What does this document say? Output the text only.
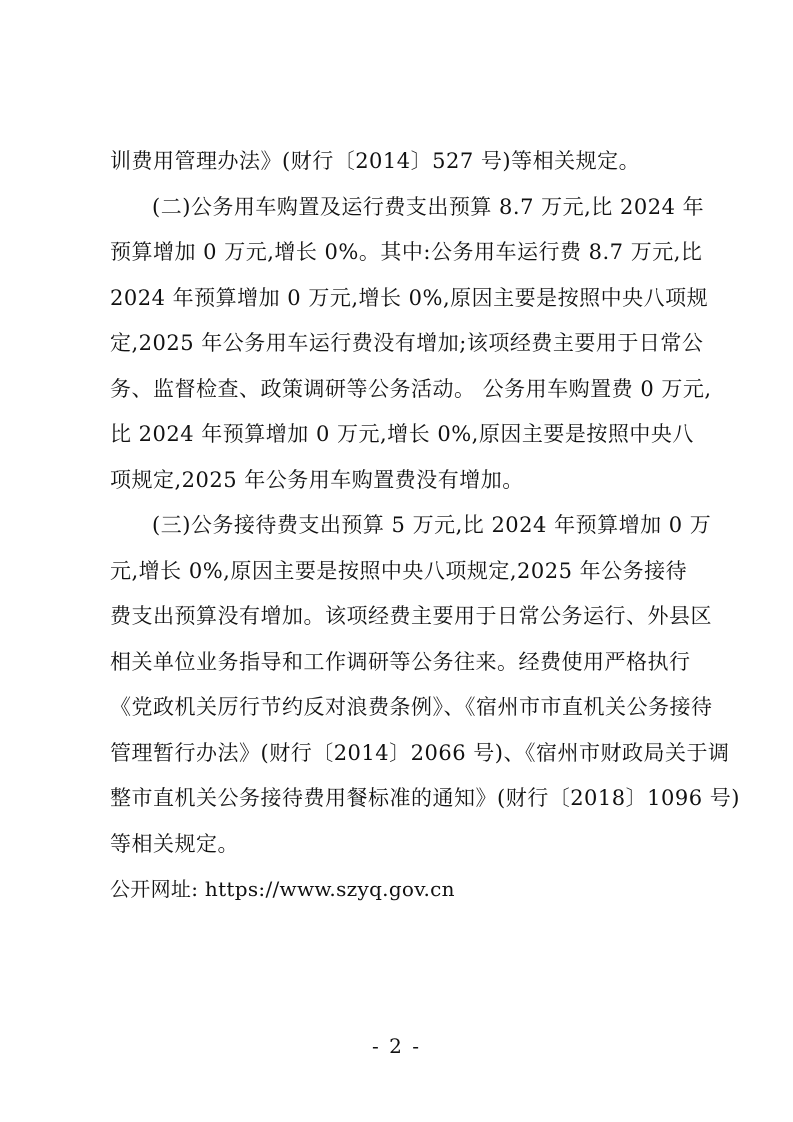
训费用管理办法》(财行〔2014〕527 号)等相关规定。
(二)公务用车购置及运行费支出预算 8.7 万元,比 2024 年
预算增加 0 万元,增长 0%。其中:公务用车运行费 8.7 万元,比
2024 年预算增加 0 万元,增长 0%,原因主要是按照中央八项规
定,2025 年公务用车运行费没有增加;该项经费主要用于日常公
务、监督检查、政策调研等公务活动。 公务用车购置费 0 万元,
比 2024 年预算增加 0 万元,增长 0%,原因主要是按照中央八
项规定,2025 年公务用车购置费没有增加。
(三)公务接待费支出预算 5 万元,比 2024 年预算增加 0 万
元,增长 0%,原因主要是按照中央八项规定,2025 年公务接待
费支出预算没有增加。该项经费主要用于日常公务运行、外县区
相关单位业务指导和工作调研等公务往来。经费使用严格执行
《党政机关厉行节约反对浪费条例》、《宿州市市直机关公务接待
管理暂行办法》(财行〔2014〕2066 号)、《宿州市财政局关于调
整市直机关公务接待费用餐标准的通知》(财行〔2018〕1096 号)
等相关规定。
公开网址: https://www.szyq.gov.cn
- 2 -
